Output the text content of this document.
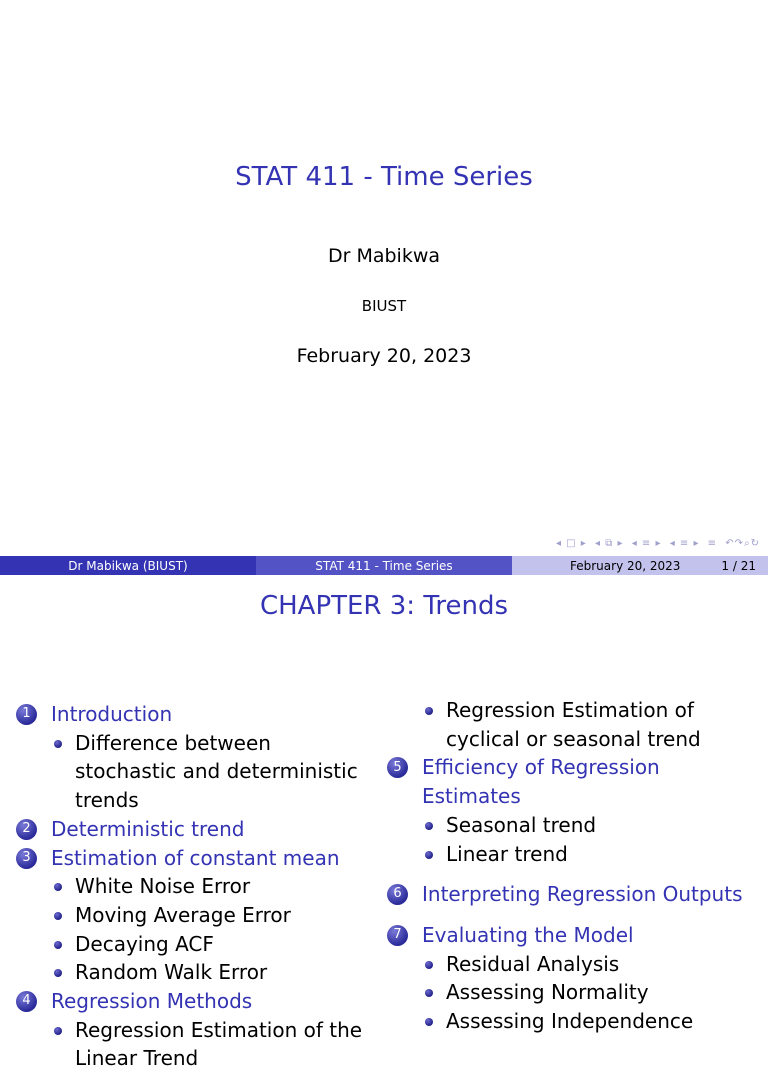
STAT 411 - Time Series
Dr Mabikwa
BIUST
February 20, 2023
◂ □ ▸ ◂ ⧉ ▸ ◂ ≡ ▸ ◂ ≡ ▸ ≡ ↶↷⌕↻
Dr Mabikwa (BIUST)	STAT 411 - Time Series	February 20, 2023	1 / 21
CHAPTER 3: Trends
1	Introduction
Difference between stochastic and deterministic trends
2	Deterministic trend
3	Estimation of constant mean
White Noise Error
Moving Average Error
Decaying ACF
Random Walk Error
4	Regression Methods
Regression Estimation of the Linear Trend
Regression Estimation of cyclical or seasonal trend
5	Efficiency of Regression Estimates
Seasonal trend
Linear trend
6	Interpreting Regression Outputs
7	Evaluating the Model
Residual Analysis
Assessing Normality
Assessing Independence
